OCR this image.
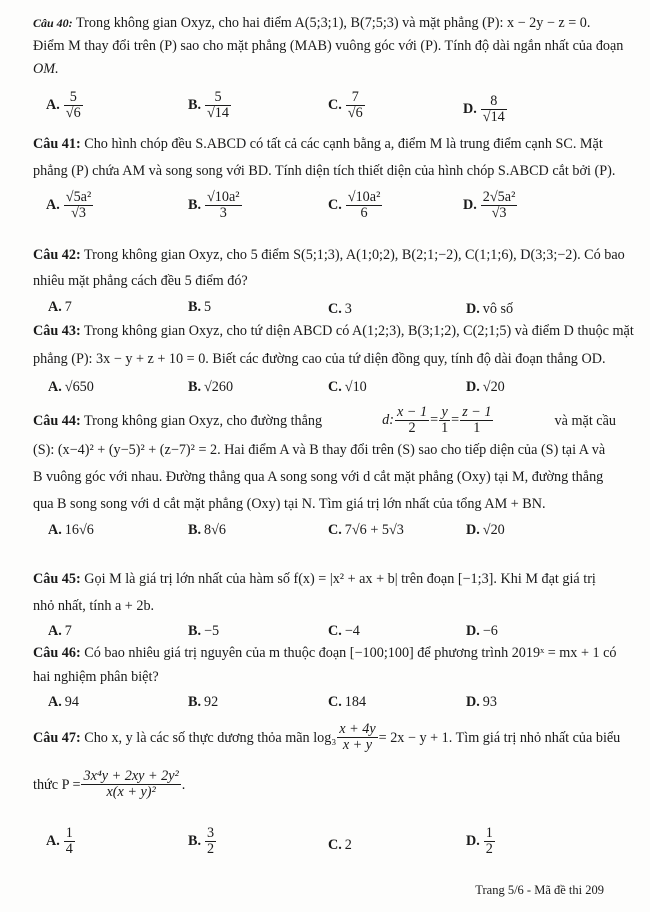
Câu 40: Trong không gian Oxyz, cho hai điểm A(5;3;1), B(7;5;3) và mặt phẳng (P): x − 2y − z = 0.
Điểm M thay đổi trên (P) sao cho mặt phẳng (MAB) vuông góc với (P). Tính độ dài ngắn nhất của đoạn
OM.
A. $\frac{5}{√6}$	B. $\frac{5}{√14}$	C. $\frac{7}{√6}$	D. $\frac{8}{√14}$
Câu 41: Cho hình chóp đều S.ABCD có tất cả các cạnh bằng a, điểm M là trung điểm cạnh SC. Mặt
phẳng (P) chứa AM và song song với BD. Tính diện tích thiết diện của hình chóp S.ABCD cắt bởi (P).
A. $\frac{\text{√5a²}}{√3}$	B. $\frac{\text{√10a²}}{3}$	C. $\frac{\text{√10a²}}{6}$	D. $\frac{\text{2√5a²}}{√3}$
Câu 42: Trong không gian Oxyz, cho 5 điểm S(5;1;3), A(1;0;2), B(2;1;−2), C(1;1;6), D(3;3;−2). Có bao
nhiêu mặt phẳng cách đều 5 điểm đó?
A. 7	B. 5	C. 3	D. vô số
Câu 43: Trong không gian Oxyz, cho tứ diện ABCD có A(1;2;3), B(3;1;2), C(2;1;5) và điểm D thuộc mặt
phẳng (P): 3x − y + z + 10 = 0. Biết các đường cao của tứ diện đồng quy, tính độ dài đoạn thẳng OD.
A. √650	B. √260	C. √10	D. √20
Câu 44: Trong không gian Oxyz, cho đường thẳng	d: $\frac{x - 1}{2} = \frac{y}{1} = \frac{z - 1}{1}$	và mặt cầu
(S): (x−4)² + (y−5)² + (z−7)² = 2. Hai điểm A và B thay đổi trên (S) sao cho tiếp diện của (S) tại A và
B vuông góc với nhau. Đường thẳng qua A song song với d cắt mặt phẳng (Oxy) tại M, đường thẳng
qua B song song với d cắt mặt phẳng (Oxy) tại N. Tìm giá trị lớn nhất của tổng AM + BN.
A. 16√6	B. 8√6	C. 7√6 + 5√3	D. √20
Câu 45: Gọi M là giá trị lớn nhất của hàm số f(x) = |x² + ax + b| trên đoạn [−1;3]. Khi M đạt giá trị
nhỏ nhất, tính a + 2b.
A. 7	B. −5	C. −4	D. −6
Câu 46: Có bao nhiêu giá trị nguyên của m thuộc đoạn [−100;100] để phương trình 2019ˣ = mx + 1 có
hai nghiệm phân biệt?
A. 94	B. 92	C. 184	D. 93
Câu 47:
Cho x, y là các số thực dương thỏa mãn $\log_3 \frac{x + 4y}{x + y} = 2x - y + 1$. Tìm giá trị nhỏ nhất của biểu
thức $P = \frac{\text{3x⁴y + 2xy + 2y²}}{\text{x(x + y)²}}$ .
A. $\frac{1}{4}$	B. $\frac{3}{2}$	C. 2	D. $\frac{1}{2}$
Trang 5/6 - Mã đề thi 209
